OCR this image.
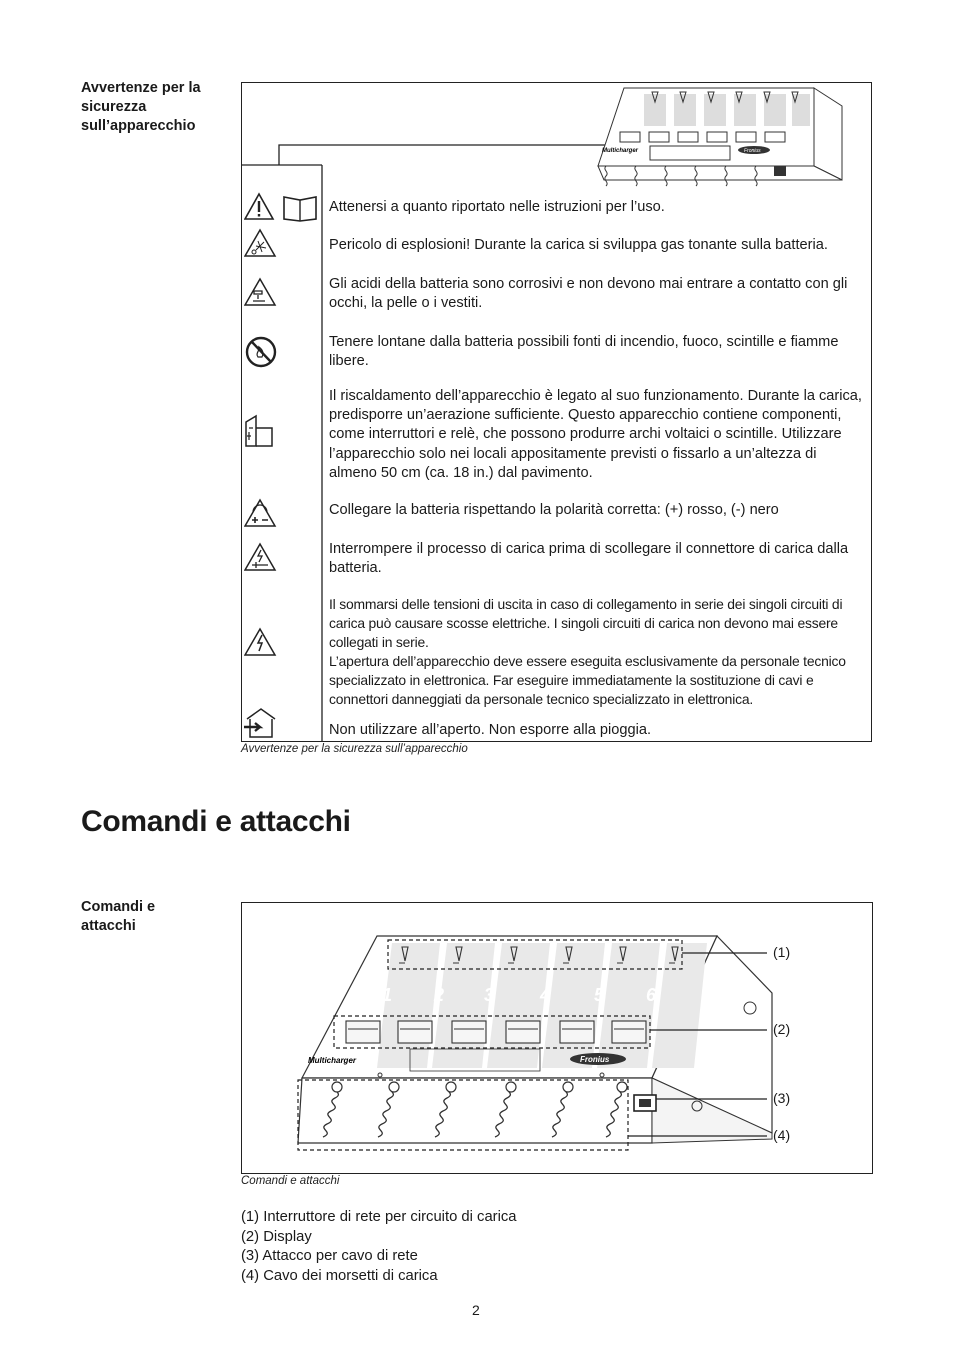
Avvertenze per la
sicurezza
sull’apparecchio
Multicharger	Fronius
Attenersi a quanto riportato nelle istruzioni per l’uso.
Pericolo di esplosioni! Durante la carica si sviluppa gas tonante sulla batteria.
Gli acidi della batteria sono corrosivi e non devono mai entrare a contatto con gli occhi, la pelle o i vestiti.
Tenere lontane dalla batteria possibili fonti di incendio, fuoco, scintille e fiamme libere.
Il riscaldamento dell’apparecchio è legato al suo funzionamento. Durante la carica, predisporre un’aerazione sufficiente. Questo apparecchio contiene componenti, come interruttori e relè, che possono produrre archi voltaici o scintille. Utilizzare l’apparecchio solo nei locali appositamente previsti o fissarlo a un’altezza di almeno 50 cm (ca. 18 in.) dal pavimento.
Collegare la batteria rispettando la polarità corretta: (+) rosso, (-) nero
Interrompere il processo di carica prima di scollegare il connettore di carica dalla batteria.
Il sommarsi delle tensioni di uscita in caso di collegamento in serie dei singoli circuiti di carica può causare scosse elettriche. I singoli circuiti di carica non devono mai essere collegati in serie.
L’apertura dell’apparecchio deve essere eseguita esclusivamente da personale tecnico specializzato in elettronica. Far eseguire immediatamente la sostituzione di cavi e connettori danneggiati da personale tecnico specializzato in elettronica.
Non utilizzare all’aperto. Non esporre alla pioggia.
Avvertenze per la sicurezza sull’apparecchio
Comandi e attacchi
Comandi e
attacchi
1 2 3	4 5 6
Multicharger	Fronius
(1)
(2)
(3)
(4)
Comandi e attacchi
(1) Interruttore di rete per circuito di carica
(2) Display
(3) Attacco per cavo di rete
(4) Cavo dei morsetti di carica
2
